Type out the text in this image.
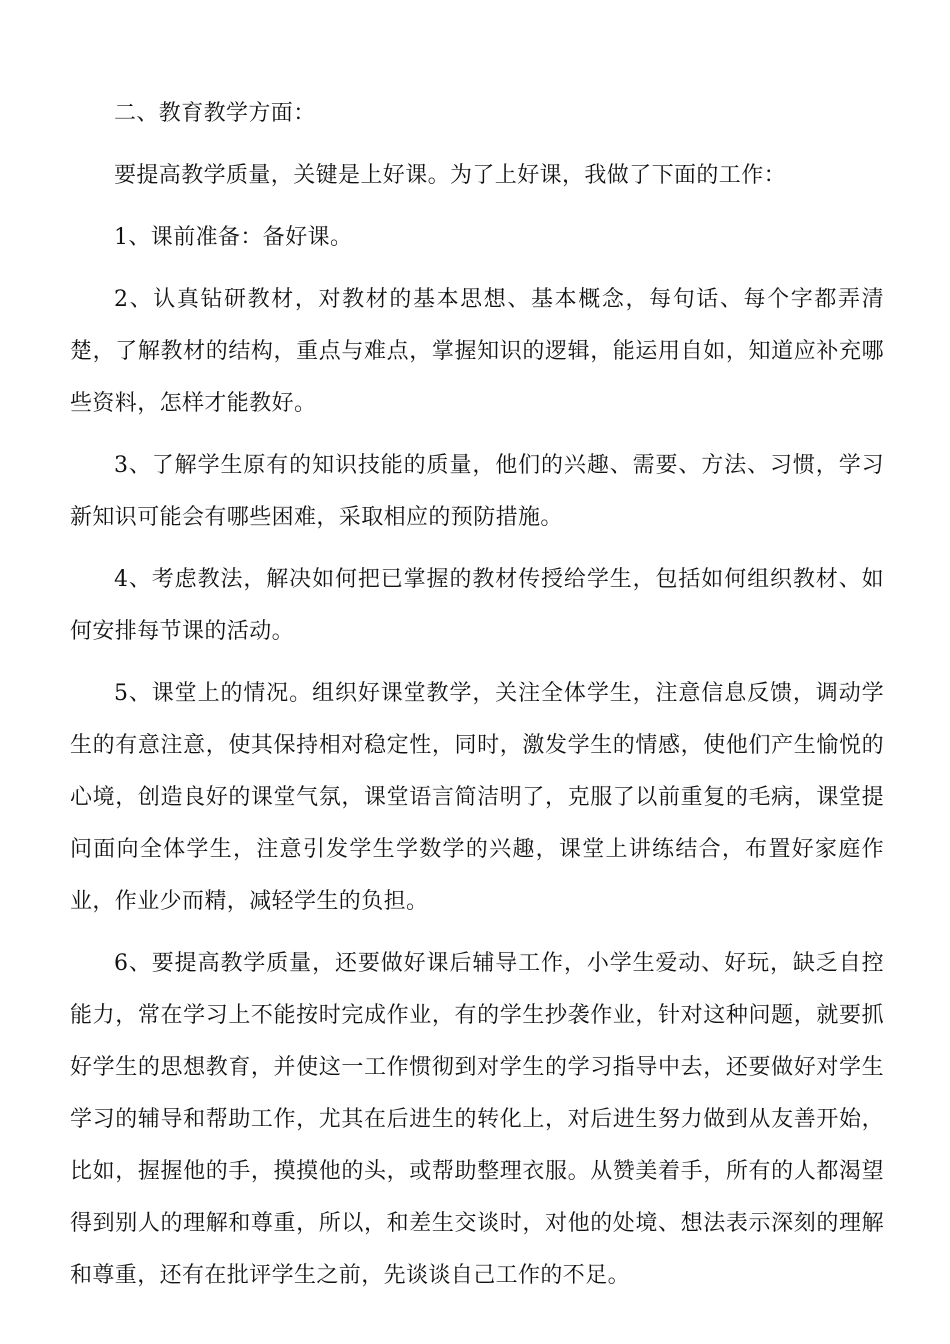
二、教育教学方面：

要提高教学质量，关键是上好课。为了上好课，我做了下面的工作：

1、课前准备：备好课。

2、认真钻研教材，对教材的基本思想、基本概念，每句话、每个字都弄清楚，了解教材的结构，重点与难点，掌握知识的逻辑，能运用自如，知道应补充哪些资料，怎样才能教好。

3、了解学生原有的知识技能的质量，他们的兴趣、需要、方法、习惯，学习新知识可能会有哪些困难，采取相应的预防措施。

4、考虑教法，解决如何把已掌握的教材传授给学生，包括如何组织教材、如何安排每节课的活动。

5、课堂上的情况。组织好课堂教学，关注全体学生，注意信息反馈，调动学生的有意注意，使其保持相对稳定性，同时，激发学生的情感，使他们产生愉悦的心境，创造良好的课堂气氛，课堂语言简洁明了，克服了以前重复的毛病，课堂提问面向全体学生，注意引发学生学数学的兴趣，课堂上讲练结合，布置好家庭作业，作业少而精，减轻学生的负担。

6、要提高教学质量，还要做好课后辅导工作，小学生爱动、好玩，缺乏自控能力，常在学习上不能按时完成作业，有的学生抄袭作业，针对这种问题，就要抓好学生的思想教育，并使这一工作惯彻到对学生的学习指导中去，还要做好对学生学习的辅导和帮助工作，尤其在后进生的转化上，对后进生努力做到从友善开始，比如，握握他的手，摸摸他的头，或帮助整理衣服。从赞美着手，所有的人都渴望得到别人的理解和尊重，所以，和差生交谈时，对他的处境、想法表示深刻的理解和尊重，还有在批评学生之前，先谈谈自己工作的不足。
